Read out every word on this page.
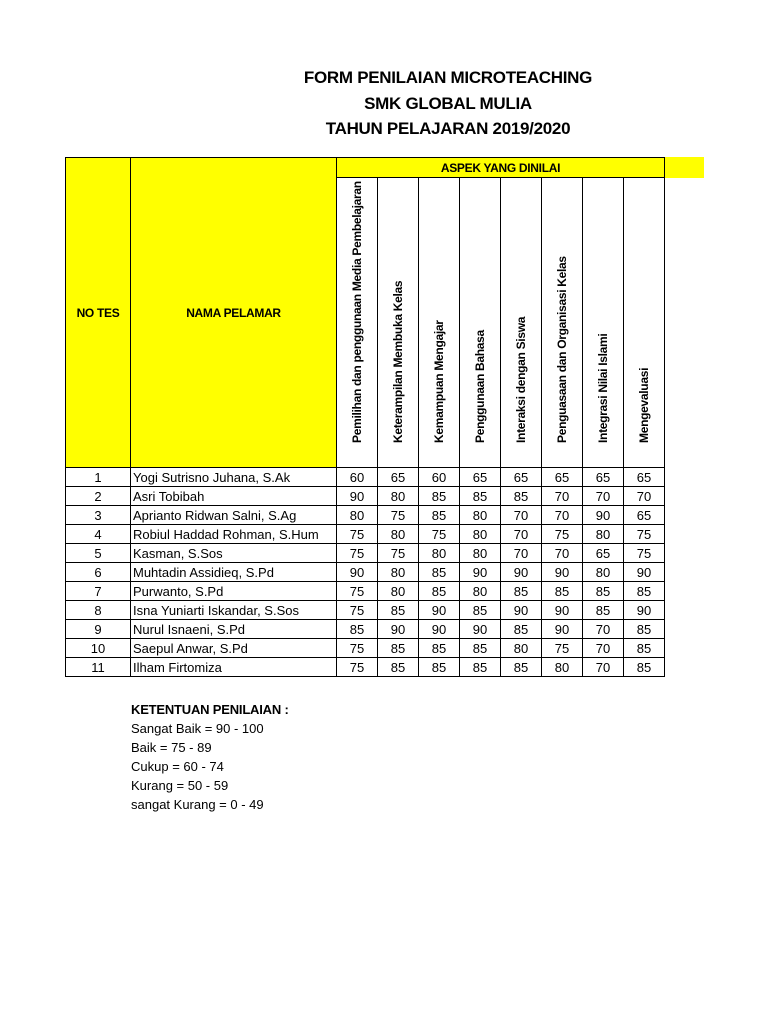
FORM PENILAIAN MICROTEACHING
SMK GLOBAL MULIA
TAHUN PELAJARAN 2019/2020
NO TES	NAMA PELAMAR	ASPEK YANG DINILAI							

		Pemilihan dan penggunaan Media Pembelajaran	Keterampilan Membuka Kelas	Kemampuan Mengajar	Penggunaan Bahasa	Interaksi dengan Siswa	Penguasaan dan Organisasi Kelas	Integrasi Nilai Islami	Mengevaluasi

1	Yogi Sutrisno Juhana, S.Ak	60	65	60	65	65	65	65	65
2	Asri Tobibah	90	80	85	85	85	70	70	70
3	Aprianto Ridwan Salni, S.Ag	80	75	85	80	70	70	90	65
4	Robiul Haddad Rohman, S.Hum	75	80	75	80	70	75	80	75
5	Kasman, S.Sos	75	75	80	80	70	70	65	75
6	Muhtadin Assidieq, S.Pd	90	80	85	90	90	90	80	90
7	Purwanto, S.Pd	75	80	85	80	85	85	85	85
8	Isna Yuniarti Iskandar, S.Sos	75	85	90	85	90	90	85	90
9	Nurul Isnaeni, S.Pd	85	90	90	90	85	90	70	85
10	Saepul Anwar, S.Pd	75	85	85	85	80	75	70	85
11	Ilham Firtomiza	75	85	85	85	85	80	70	85
KETENTUAN PENILAIAN :
Sangat Baik = 90 - 100
Baik = 75 - 89
Cukup = 60 - 74
Kurang = 50 - 59
sangat Kurang = 0 - 49
